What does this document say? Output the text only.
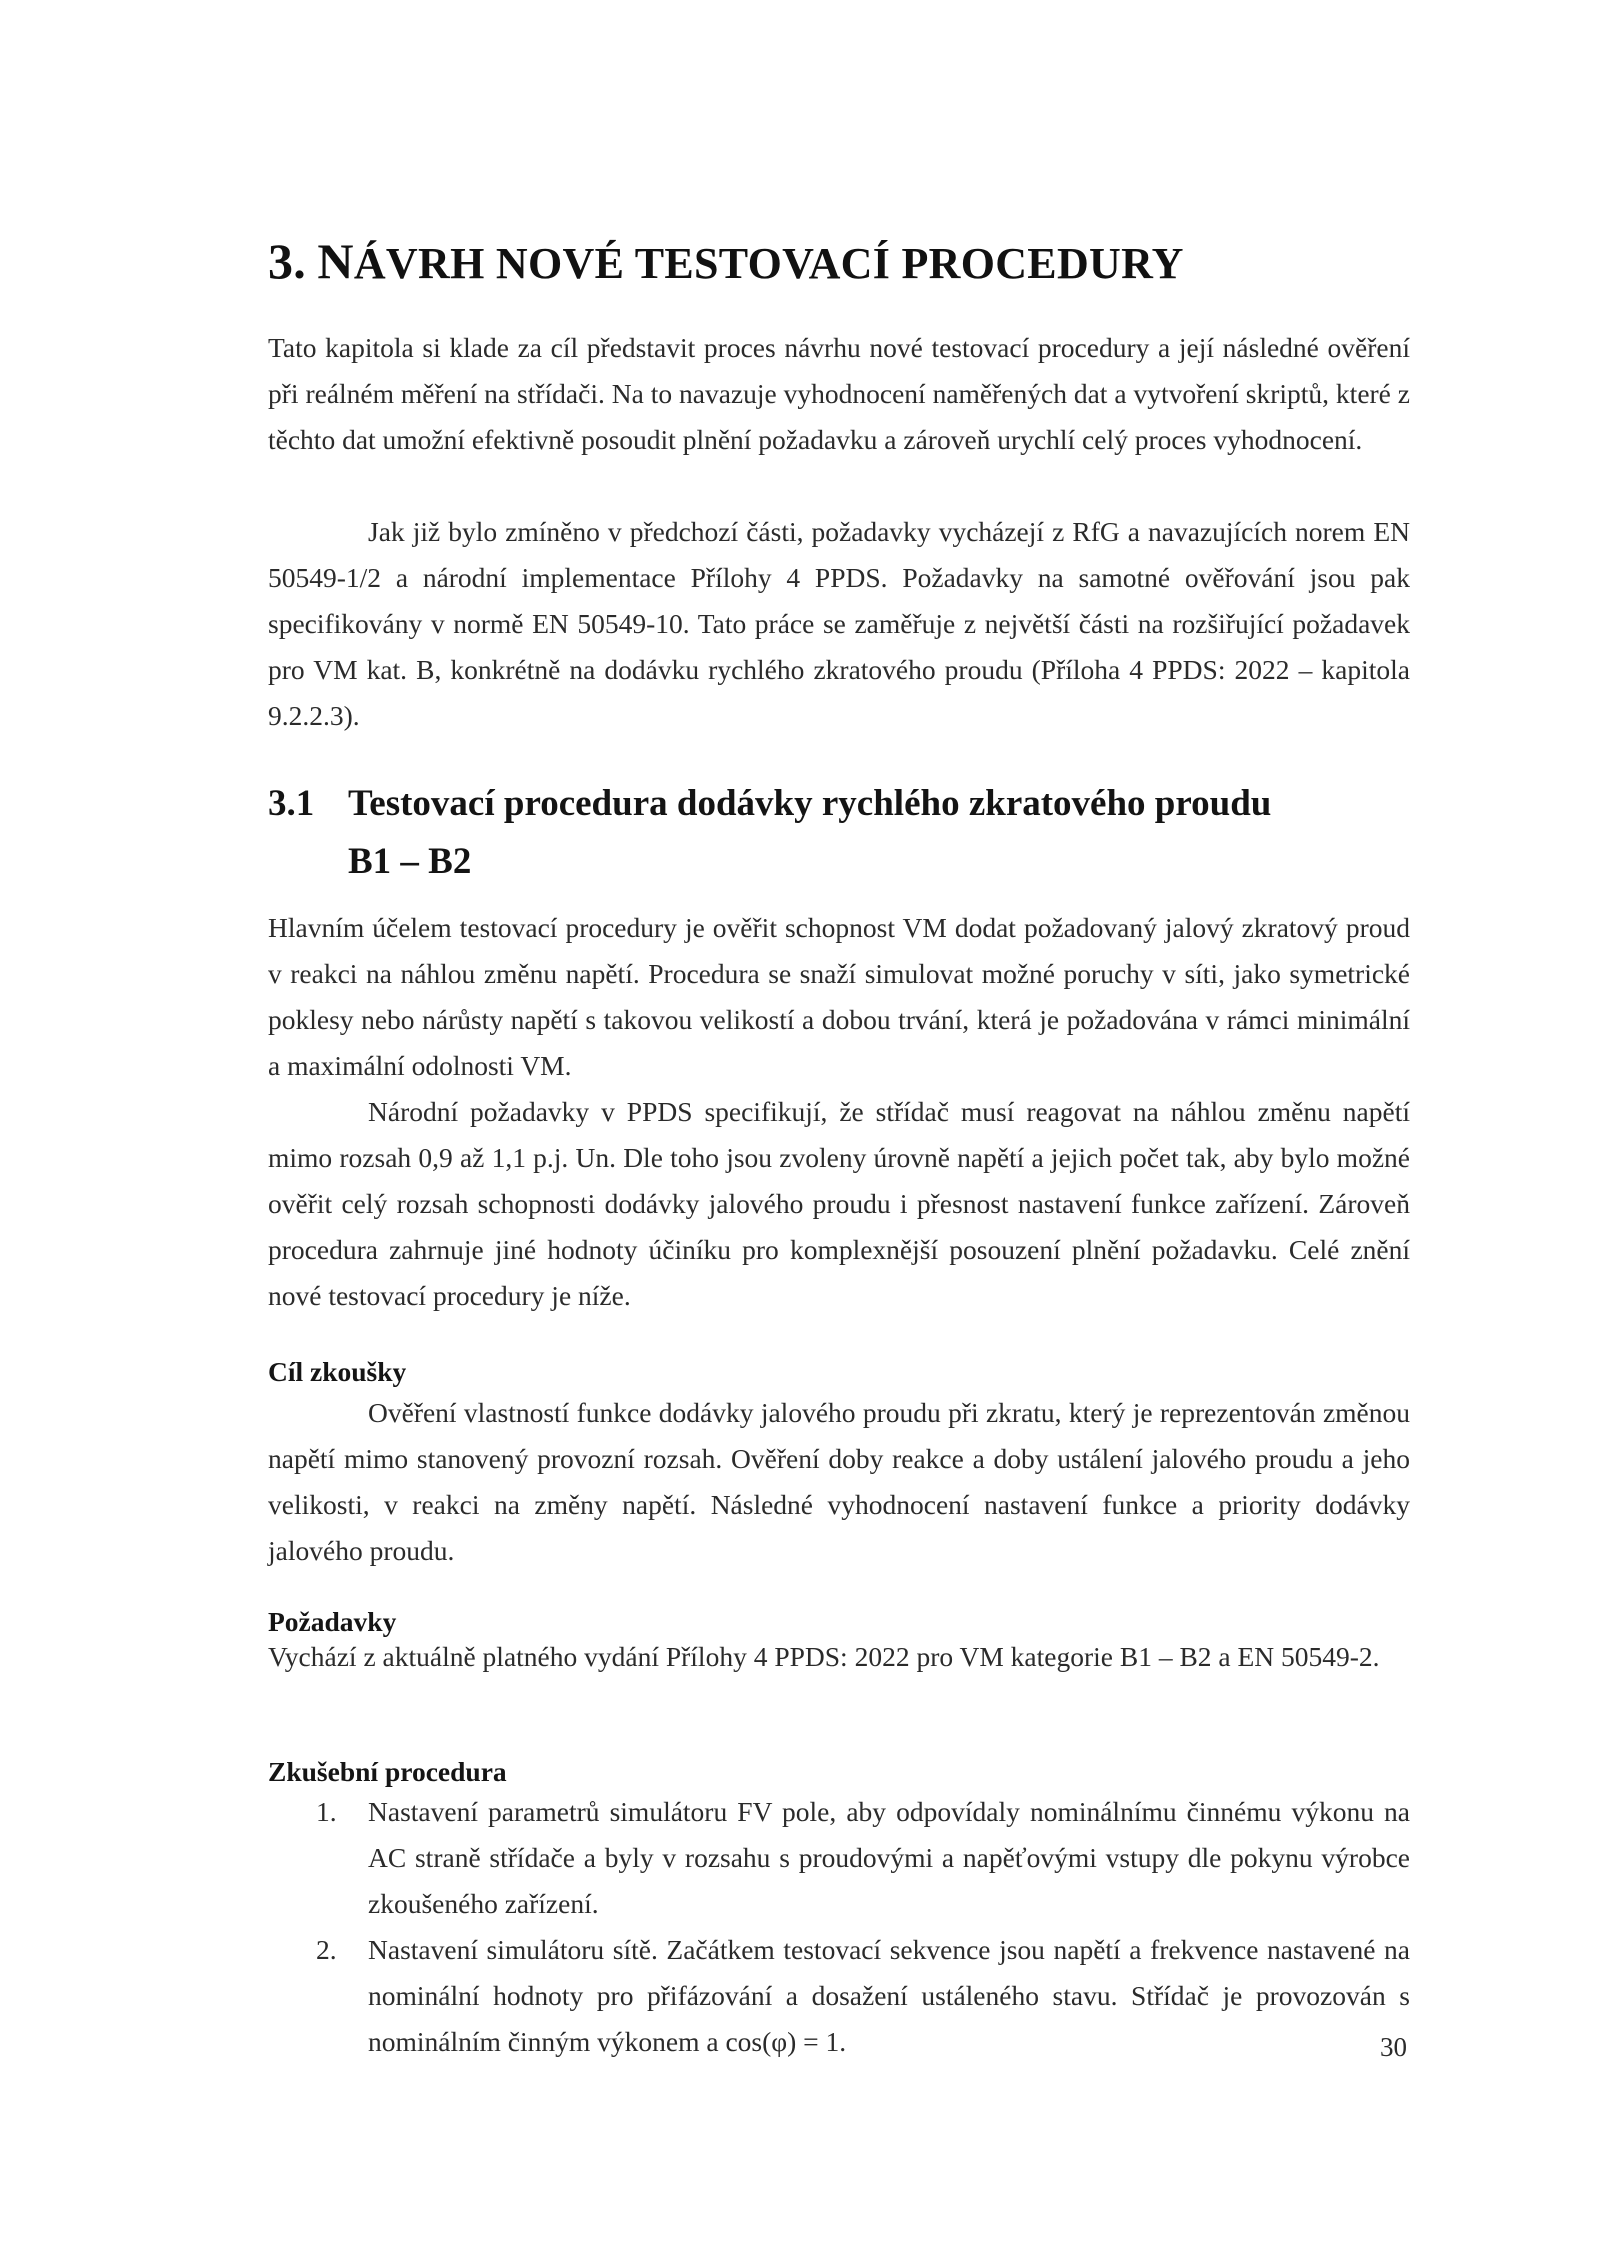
3. NÁVRH NOVÉ TESTOVACÍ PROCEDURY

Tato kapitola si klade za cíl představit proces návrhu nové testovací procedury a její následné ověření při reálném měření na střídači. Na to navazuje vyhodnocení naměřených dat a vytvoření skriptů, které z těchto dat umožní efektivně posoudit plnění požadavku a zároveň urychlí celý proces vyhodnocení.

Jak již bylo zmíněno v předchozí části, požadavky vycházejí z RfG a navazujících norem EN 50549-1/2 a národní implementace Přílohy 4 PPDS. Požadavky na samotné ověřování jsou pak specifikovány v normě EN 50549-10. Tato práce se zaměřuje z největší části na rozšiřující požadavek pro VM kat. B, konkrétně na dodávku rychlého zkratového proudu (Příloha 4 PPDS: 2022 – kapitola 9.2.2.3).

3.1 Testovací procedura dodávky rychlého zkratového proudu
B1 – B2

Hlavním účelem testovací procedury je ověřit schopnost VM dodat požadovaný jalový zkratový proud v reakci na náhlou změnu napětí. Procedura se snaží simulovat možné poruchy v síti, jako symetrické poklesy nebo nárůsty napětí s takovou velikostí a dobou trvání, která je požadována v rámci minimální a maximální odolnosti VM.

Národní požadavky v PPDS specifikují, že střídač musí reagovat na náhlou změnu napětí mimo rozsah 0,9 až 1,1 p.j. Un. Dle toho jsou zvoleny úrovně napětí a jejich počet tak, aby bylo možné ověřit celý rozsah schopnosti dodávky jalového proudu i přesnost nastavení funkce zařízení. Zároveň procedura zahrnuje jiné hodnoty účiníku pro komplexnější posouzení plnění požadavku. Celé znění nové testovací procedury je níže.

Cíl zkoušky

Ověření vlastností funkce dodávky jalového proudu při zkratu, který je reprezentován změnou napětí mimo stanovený provozní rozsah. Ověření doby reakce a doby ustálení jalového proudu a jeho velikosti, v reakci na změny napětí. Následné vyhodnocení nastavení funkce a priority dodávky jalového proudu.

Požadavky

Vychází z aktuálně platného vydání Přílohy 4 PPDS: 2022 pro VM kategorie B1 – B2 a EN 50549-2.

Zkušební procedura
1. Nastavení parametrů simulátoru FV pole, aby odpovídaly nominálnímu činnému výkonu na AC straně střídače a byly v rozsahu s proudovými a napěťovými vstupy dle pokynu výrobce zkoušeného zařízení.
2. Nastavení simulátoru sítě. Začátkem testovací sekvence jsou napětí a frekvence nastavené na nominální hodnoty pro přifázování a dosažení ustáleného stavu. Střídač je provozován s nominálním činným výkonem a cos(φ) = 1.	30
